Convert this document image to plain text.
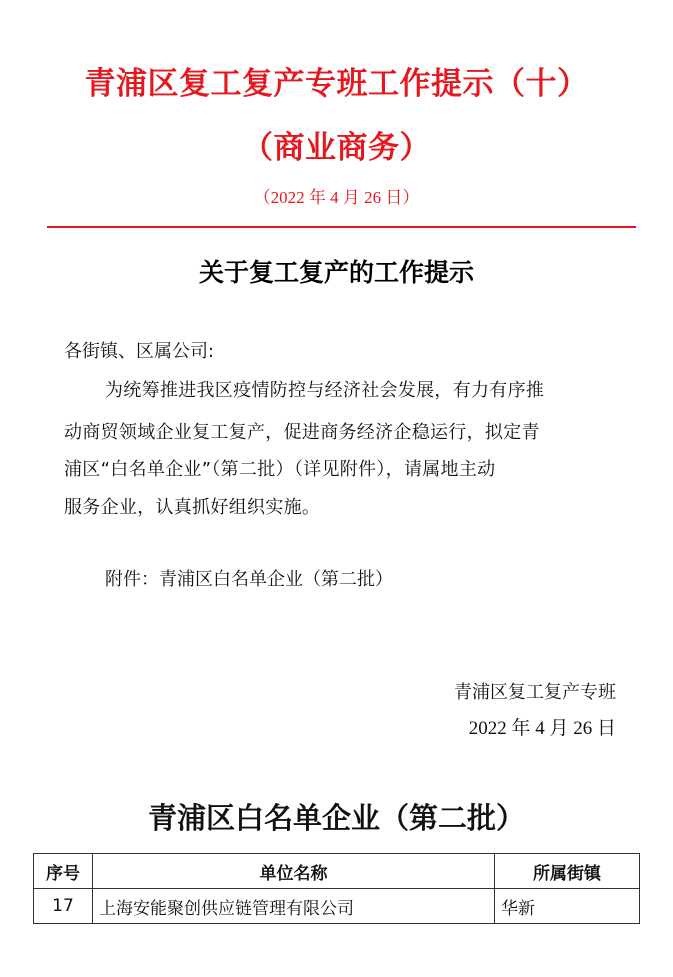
青浦区复工复产专班工作提示（十）
（商业商务）
（2022 年 4 月 26 日）
关于复工复产的工作提示
各街镇、区属公司:
为统筹推进我区疫情防控与经济社会发展，有力有序推
动商贸领域企业复工复产，促进商务经济企稳运行，拟定青
浦区“白名单企业”（第二批）（详见附件），请属地主动
服务企业，认真抓好组织实施。
附件：青浦区白名单企业（第二批）
青浦区复工复产专班
2022 年 4 月 26 日
青浦区白名单企业（第二批）
序号	单位名称	所属街镇
17	上海安能聚创供应链管理有限公司	华新
